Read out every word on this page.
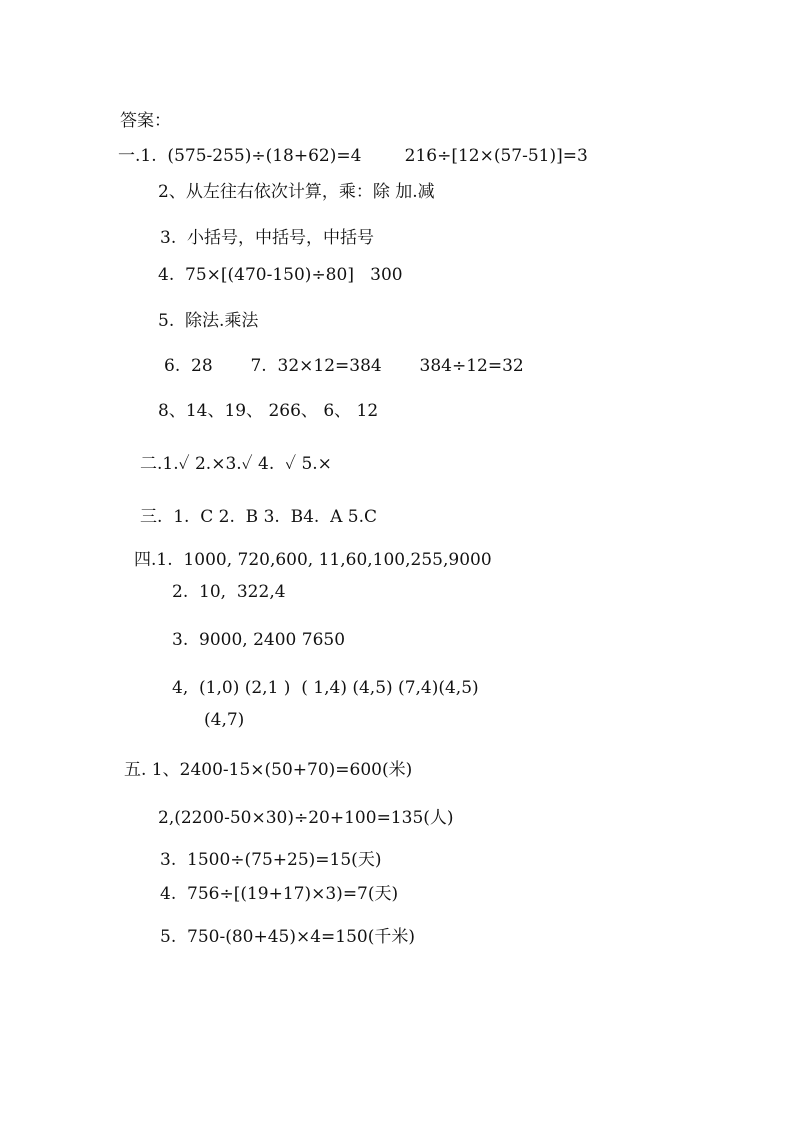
答案：
一.1.  (575-255)÷(18+62)=4        216÷[12×(57-51)]=3
2、从左往右依次计算，乘：除 加.减
3.  小括号，中括号，中括号
4.  75×[(470-150)÷80]   300
5.  除法.乘法
6.  28       7.  32×12=384       384÷12=32
8、14、19、 266、 6、 12
二.1.✓ 2.×3.✓ 4.  ✓ 5.×
三.  1.  C 2.  B 3.  B4.  A 5.C
四.1.  1000, 720,600, 11,60,100,255,9000
2.  10,  322,4
3.  9000, 2400 7650
4,  (1,0) (2,1 )  ( 1,4) (4,5) (7,4)(4,5)
(4,7)
五. 1、2400-15×(50+70)=600(米)
2,(2200-50×30)÷20+100=135(人)
3.  1500÷(75+25)=15(天)
4.  756÷[(19+17)×3)=7(天)
5.  750-(80+45)×4=150(千米)
